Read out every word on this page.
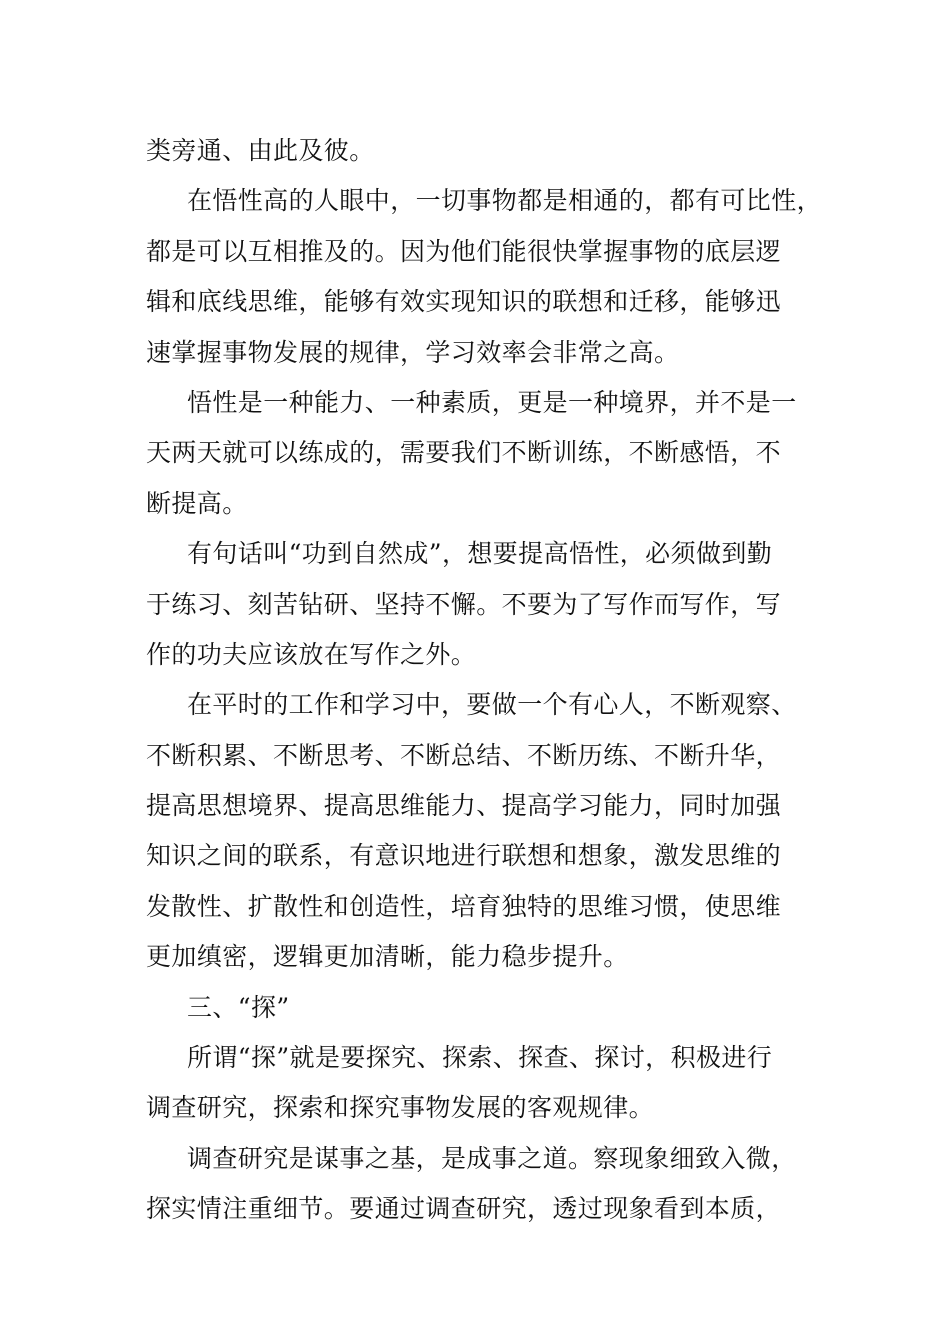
类旁通、由此及彼。
在悟性高的人眼中，一切事物都是相通的，都有可比性，
都是可以互相推及的。因为他们能很快掌握事物的底层逻
辑和底线思维，能够有效实现知识的联想和迁移，能够迅
速掌握事物发展的规律，学习效率会非常之高。
悟性是一种能力、一种素质，更是一种境界，并不是一
天两天就可以练成的，需要我们不断训练，不断感悟，不
断提高。
有句话叫“功到自然成”，想要提高悟性，必须做到勤
于练习、刻苦钻研、坚持不懈。不要为了写作而写作，写
作的功夫应该放在写作之外。
在平时的工作和学习中，要做一个有心人，不断观察、
不断积累、不断思考、不断总结、不断历练、不断升华，
提高思想境界、提高思维能力、提高学习能力，同时加强
知识之间的联系，有意识地进行联想和想象，激发思维的
发散性、扩散性和创造性，培育独特的思维习惯，使思维
更加缜密，逻辑更加清晰，能力稳步提升。
三、“探”
所谓“探”就是要探究、探索、探查、探讨，积极进行
调查研究，探索和探究事物发展的客观规律。
调查研究是谋事之基，是成事之道。察现象细致入微，
探实情注重细节。要通过调查研究，透过现象看到本质，
